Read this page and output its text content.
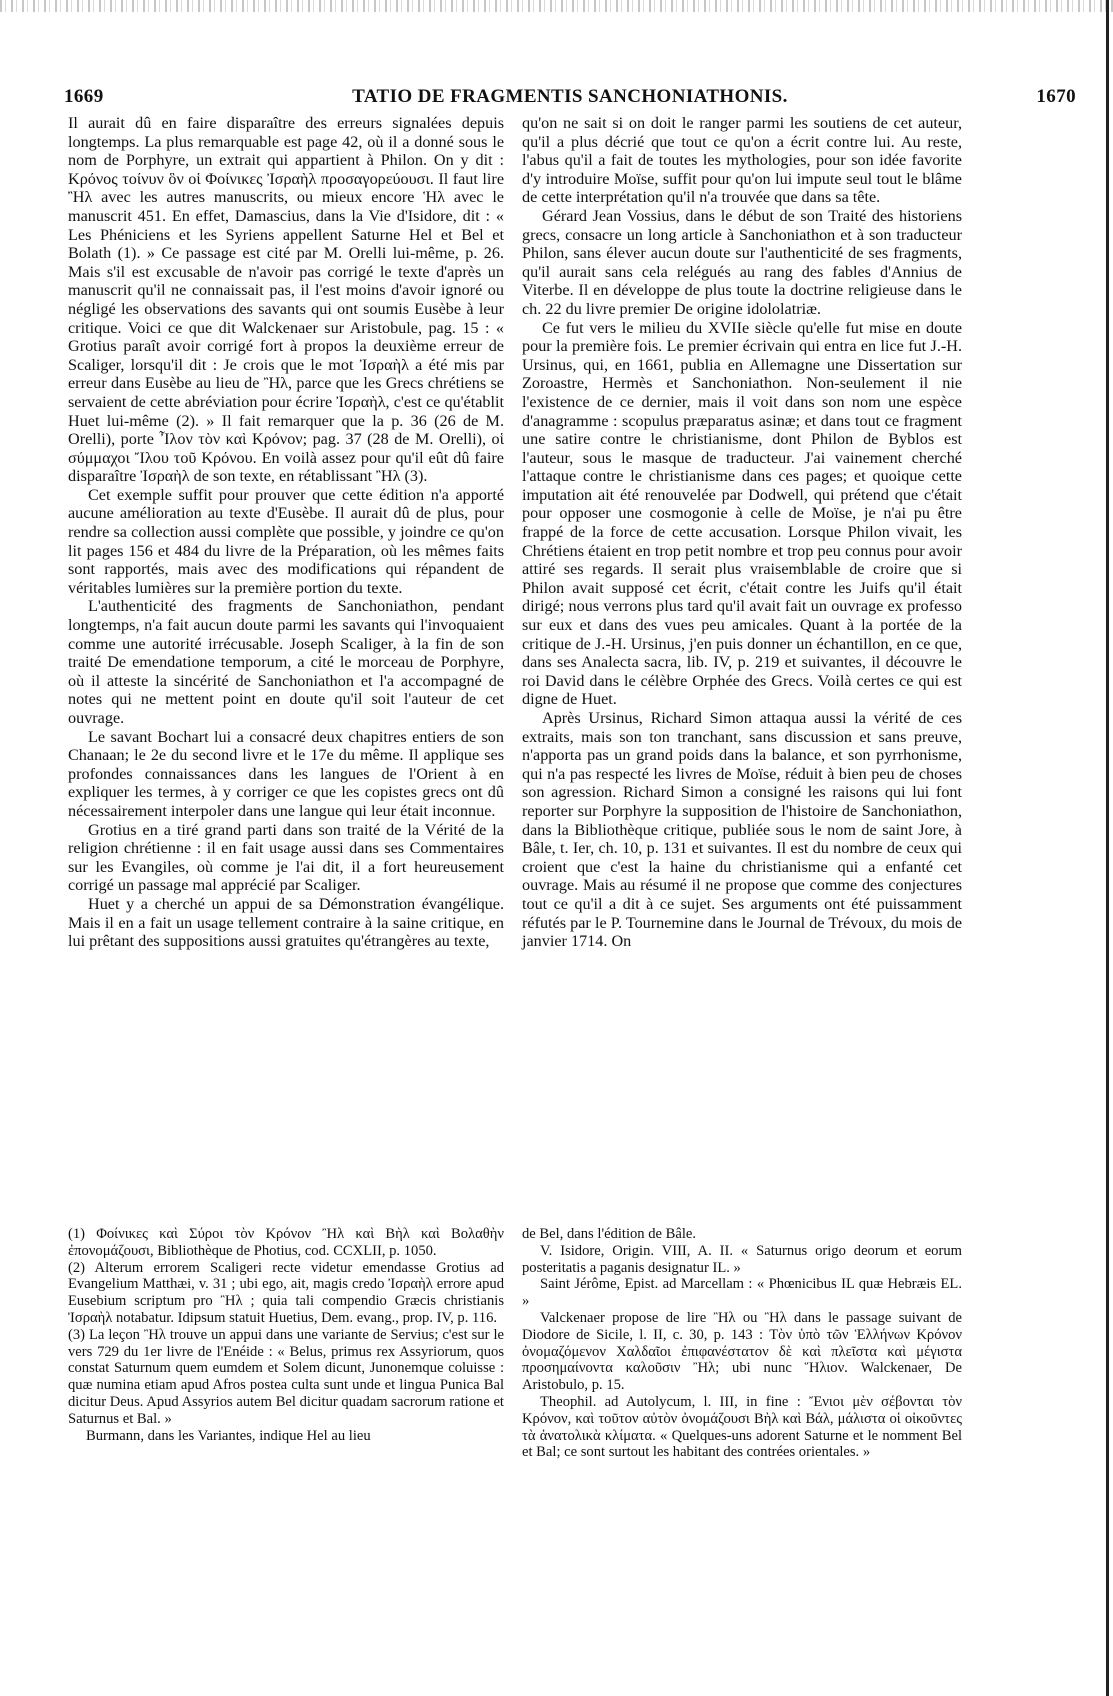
1669	TATIO DE FRAGMENTIS SANCHONIATHONIS.	1670

Il aurait dû en faire disparaître des erreurs signalées depuis longtemps. La plus remarquable est page 42, où il a donné sous le nom de Porphyre, un extrait qui appartient à Philon. On y dit : Κρόνος τοίνυν ὃν οἱ Φοίνικες Ἰσραὴλ προσαγορεύουσι. Il faut lire Ἢλ avec les autres manuscrits, ou mieux encore Ἡλ avec le manuscrit 451. En effet, Damascius, dans la Vie d'Isidore, dit : « Les Phéniciens et les Syriens appellent Saturne Hel et Bel et Bolath (1). » Ce passage est cité par M. Orelli lui-même, p. 26. Mais s'il est excusable de n'avoir pas corrigé le texte d'après un manuscrit qu'il ne connaissait pas, il l'est moins d'avoir ignoré ou négligé les observations des savants qui ont soumis Eusèbe à leur critique. Voici ce que dit Walckenaer sur Aristobule, pag. 15 : « Grotius paraît avoir corrigé fort à propos la deuxième erreur de Scaliger, lorsqu'il dit : Je crois que le mot Ἰσραὴλ a été mis par erreur dans Eusèbe au lieu de Ἢλ, parce que les Grecs chrétiens se servaient de cette abréviation pour écrire Ἰσραὴλ, c'est ce qu'établit Huet lui-même (2). » Il fait remarquer que la p. 36 (26 de M. Orelli), porte Ἶλον τὸν καὶ Κρόνον; pag. 37 (28 de M. Orelli), οἱ σύμμαχοι Ἴλου τοῦ Κρόνου. En voilà assez pour qu'il eût dû faire disparaître Ἰσραὴλ de son texte, en rétablissant Ἢλ (3).

Cet exemple suffit pour prouver que cette édition n'a apporté aucune amélioration au texte d'Eusèbe. Il aurait dû de plus, pour rendre sa collection aussi complète que possible, y joindre ce qu'on lit pages 156 et 484 du livre de la Préparation, où les mêmes faits sont rapportés, mais avec des modifications qui répandent de véritables lumières sur la première portion du texte.

L'authenticité des fragments de Sanchoniathon, pendant longtemps, n'a fait aucun doute parmi les savants qui l'invoquaient comme une autorité irrécusable. Joseph Scaliger, à la fin de son traité De emendatione temporum, a cité le morceau de Porphyre, où il atteste la sincérité de Sanchoniathon et l'a accompagné de notes qui ne mettent point en doute qu'il soit l'auteur de cet ouvrage.

Le savant Bochart lui a consacré deux chapitres entiers de son Chanaan; le 2e du second livre et le 17e du même. Il applique ses profondes connaissances dans les langues de l'Orient à en expliquer les termes, à y corriger ce que les copistes grecs ont dû nécessairement interpoler dans une langue qui leur était inconnue.

Grotius en a tiré grand parti dans son traité de la Vérité de la religion chrétienne : il en fait usage aussi dans ses Commentaires sur les Evangiles, où comme je l'ai dit, il a fort heureusement corrigé un passage mal apprécié par Scaliger.

Huet y a cherché un appui de sa Démonstration évangélique. Mais il en a fait un usage tellement contraire à la saine critique, en lui prêtant des suppositions aussi gratuites qu'étrangères au texte,

qu'on ne sait si on doit le ranger parmi les soutiens de cet auteur, qu'il a plus décrié que tout ce qu'on a écrit contre lui. Au reste, l'abus qu'il a fait de toutes les mythologies, pour son idée favorite d'y introduire Moïse, suffit pour qu'on lui impute seul tout le blâme de cette interprétation qu'il n'a trouvée que dans sa tête.

Gérard Jean Vossius, dans le début de son Traité des historiens grecs, consacre un long article à Sanchoniathon et à son traducteur Philon, sans élever aucun doute sur l'authenticité de ses fragments, qu'il aurait sans cela relégués au rang des fables d'Annius de Viterbe. Il en développe de plus toute la doctrine religieuse dans le ch. 22 du livre premier De origine idololatriæ.

Ce fut vers le milieu du XVIIe siècle qu'elle fut mise en doute pour la première fois. Le premier écrivain qui entra en lice fut J.-H. Ursinus, qui, en 1661, publia en Allemagne une Dissertation sur Zoroastre, Hermès et Sanchoniathon. Non-seulement il nie l'existence de ce dernier, mais il voit dans son nom une espèce d'anagramme : scopulus præparatus asinæ; et dans tout ce fragment une satire contre le christianisme, dont Philon de Byblos est l'auteur, sous le masque de traducteur. J'ai vainement cherché l'attaque contre le christianisme dans ces pages; et quoique cette imputation ait été renouvelée par Dodwell, qui prétend que c'était pour opposer une cosmogonie à celle de Moïse, je n'ai pu être frappé de la force de cette accusation. Lorsque Philon vivait, les Chrétiens étaient en trop petit nombre et trop peu connus pour avoir attiré ses regards. Il serait plus vraisemblable de croire que si Philon avait supposé cet écrit, c'était contre les Juifs qu'il était dirigé; nous verrons plus tard qu'il avait fait un ouvrage ex professo sur eux et dans des vues peu amicales. Quant à la portée de la critique de J.-H. Ursinus, j'en puis donner un échantillon, en ce que, dans ses Analecta sacra, lib. IV, p. 219 et suivantes, il découvre le roi David dans le célèbre Orphée des Grecs. Voilà certes ce qui est digne de Huet.

Après Ursinus, Richard Simon attaqua aussi la vérité de ces extraits, mais son ton tranchant, sans discussion et sans preuve, n'apporta pas un grand poids dans la balance, et son pyrrhonisme, qui n'a pas respecté les livres de Moïse, réduit à bien peu de choses son agression. Richard Simon a consigné les raisons qui lui font reporter sur Porphyre la supposition de l'histoire de Sanchoniathon, dans la Bibliothèque critique, publiée sous le nom de saint Jore, à Bâle, t. Ier, ch. 10, p. 131 et suivantes. Il est du nombre de ceux qui croient que c'est la haine du christianisme qui a enfanté cet ouvrage. Mais au résumé il ne propose que comme des conjectures tout ce qu'il a dit à ce sujet. Ses arguments ont été puissamment réfutés par le P. Tournemine dans le Journal de Trévoux, du mois de janvier 1714. On

(1) Φοίνικες καὶ Σύροι τὸν Κρόνον Ἢλ καὶ Βὴλ καὶ Βολαθὴν ἐπονομάζουσι, Bibliothèque de Photius, cod. CCXLII, p. 1050.

(2) Alterum errorem Scaligeri recte videtur emendasse Grotius ad Evangelium Matthæi, v. 31 ; ubi ego, ait, magis credo Ἰσραὴλ errore apud Eusebium scriptum pro Ἢλ ; quia tali compendio Græcis christianis Ἰσραὴλ notabatur. Idipsum statuit Huetius, Dem. evang., prop. IV, p. 116.

(3) La leçon Ἢλ trouve un appui dans une variante de Servius; c'est sur le vers 729 du 1er livre de l'Enéide : « Belus, primus rex Assyriorum, quos constat Saturnum quem eumdem et Solem dicunt, Junonemque coluisse : quæ numina etiam apud Afros postea culta sunt unde et lingua Punica Bal dicitur Deus. Apud Assyrios autem Bel dicitur quadam sacrorum ratione et Saturnus et Bal. »

Burmann, dans les Variantes, indique Hel au lieu

de Bel, dans l'édition de Bâle.

V. Isidore, Origin. VIII, A. II. « Saturnus origo deorum et eorum posteritatis a paganis designatur IL. »

Saint Jérôme, Epist. ad Marcellam : « Phœnicibus IL quæ Hebræis EL. »

Valckenaer propose de lire Ἢλ ou Ἢλ dans le passage suivant de Diodore de Sicile, l. II, c. 30, p. 143 : Τὸν ὑπὸ τῶν Ἑλλήνων Κρόνον ὀνομαζόμενον Χαλδαῖοι ἐπιφανέστατον δὲ καὶ πλεῖστα καὶ μέγιστα προσημαίνοντα καλοῦσιν Ἢλ; ubi nunc Ἥλιον. Walckenaer, De Aristobulo, p. 15.

Theophil. ad Autolycum, l. III, in fine : Ἔνιοι μὲν σέβονται τὸν Κρόνον, καὶ τοῦτον αὐτὸν ὀνομάζουσι Βὴλ καὶ Βάλ, μάλιστα οἱ οἰκοῦντες τὰ ἀνατολικὰ κλίματα. « Quelques-uns adorent Saturne et le nomment Bel et Bal; ce sont surtout les habitant des contrées orientales. »
